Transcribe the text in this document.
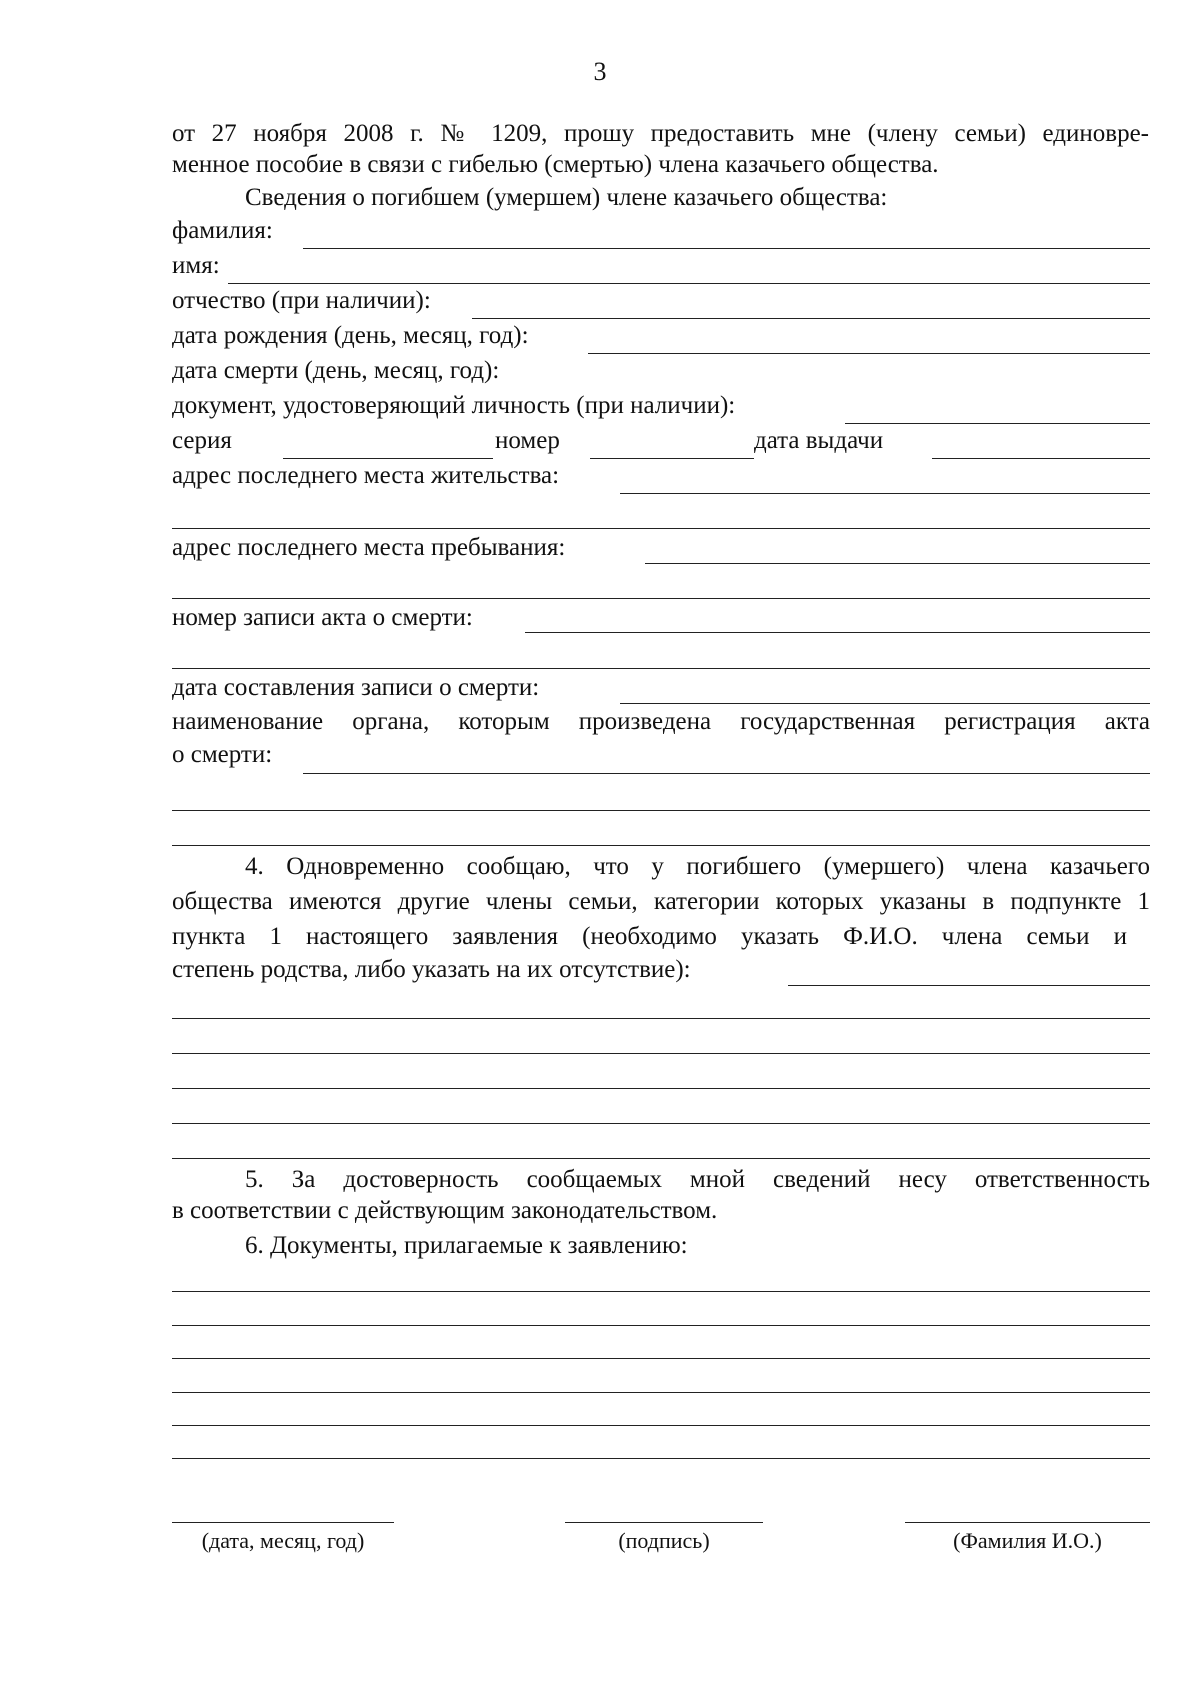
3
от 27 ноября 2008 г. № 1209, прошу предоставить мне (члену семьи) единовре-
менное пособие в связи с гибелью (смертью) члена казачьего общества.
Сведения о погибшем (умершем) члене казачьего общества:
фамилия:
имя:
отчество (при наличии):
дата рождения (день, месяц, год):
дата смерти (день, месяц, год):
документ, удостоверяющий личность (при наличии):
серия	номер	дата выдачи
адрес последнего места жительства:
адрес последнего места пребывания:
номер записи акта о смерти:
дата составления записи о смерти:
наименование органа, которым произведена государственная регистрация акта
о смерти:
4. Одновременно сообщаю, что у погибшего (умершего) члена казачьего
общества имеются другие члены семьи, категории которых указаны в подпункте 1
пункта 1 настоящего заявления (необходимо указать Ф.И.О. члена семьи и
степень родства, либо указать на их отсутствие):
5. За достоверность сообщаемых мной сведений несу ответственность
в соответствии с действующим законодательством.
6. Документы, прилагаемые к заявлению:
(дата, месяц, год)	(подпись)	(Фамилия И.О.)
